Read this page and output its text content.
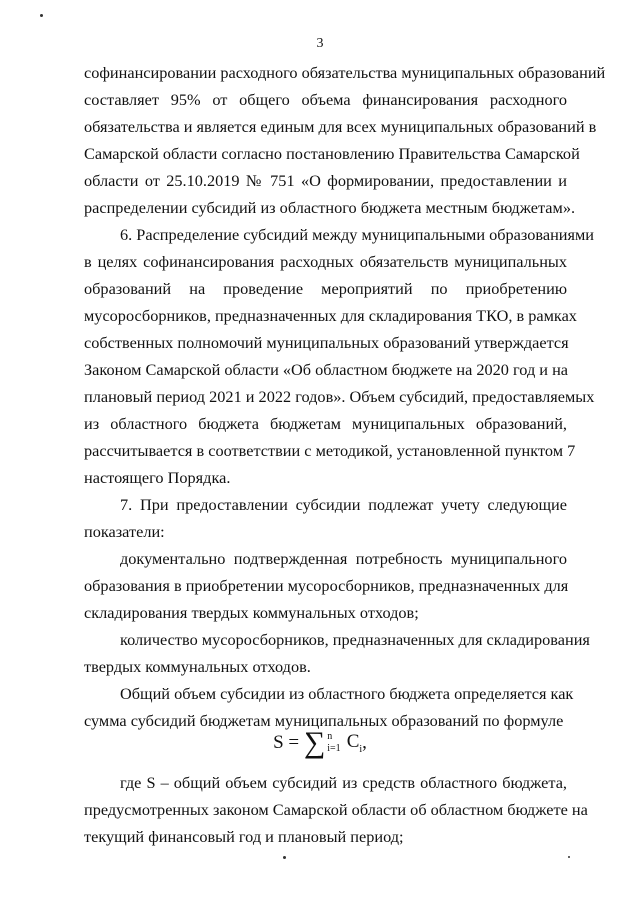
3
софинансировании расходного обязательства муниципальных образований
составляет 95% от общего объема финансирования расходного
обязательства и является единым для всех муниципальных образований в
Самарской области согласно постановлению Правительства Самарской
области от 25.10.2019 № 751 «О формировании, предоставлении и
распределении субсидий из областного бюджета местным бюджетам».
6. Распределение субсидий между муниципальными образованиями
в целях софинансирования расходных обязательств муниципальных
образований на проведение мероприятий по приобретению
мусоросборников, предназначенных для складирования ТКО, в рамках
собственных полномочий муниципальных образований утверждается
Законом Самарской области «Об областном бюджете на 2020 год и на
плановый период 2021 и 2022 годов». Объем субсидий, предоставляемых
из областного бюджета бюджетам муниципальных образований,
рассчитывается в соответствии с методикой, установленной пунктом 7
настоящего Порядка.
7. При предоставлении субсидии подлежат учету следующие
показатели:
документально подтвержденная потребность муниципального
образования в приобретении мусоросборников, предназначенных для
складирования твердых коммунальных отходов;
количество мусоросборников, предназначенных для складирования
твердых коммунальных отходов.
Общий объем субсидии из областного бюджета определяется как
сумма субсидий бюджетам муниципальных образований по формуле
S = ∑ n
i=1 $C_i$,
где S – общий объем субсидий из средств областного бюджета,
предусмотренных законом Самарской области об областном бюджете на
текущий финансовый год и плановый период;
